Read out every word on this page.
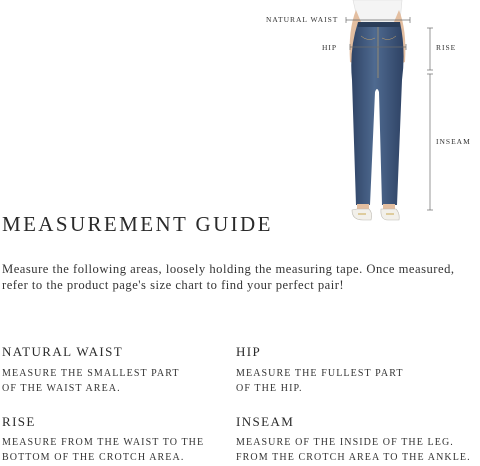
NATURAL WAIST
HIP	RISE
INSEAM
MEASUREMENT GUIDE

Measure the following areas, loosely holding the measuring tape. Once measured, refer to the product page's size chart to find your perfect pair!

NATURAL WAIST

MEASURE THE SMALLEST PART
OF THE WAIST AREA.

HIP

MEASURE THE FULLEST PART
OF THE HIP.

RISE

MEASURE FROM THE WAIST TO THE
BOTTOM OF THE CROTCH AREA.

INSEAM

MEASURE OF THE INSIDE OF THE LEG.
FROM THE CROTCH AREA TO THE ANKLE.
